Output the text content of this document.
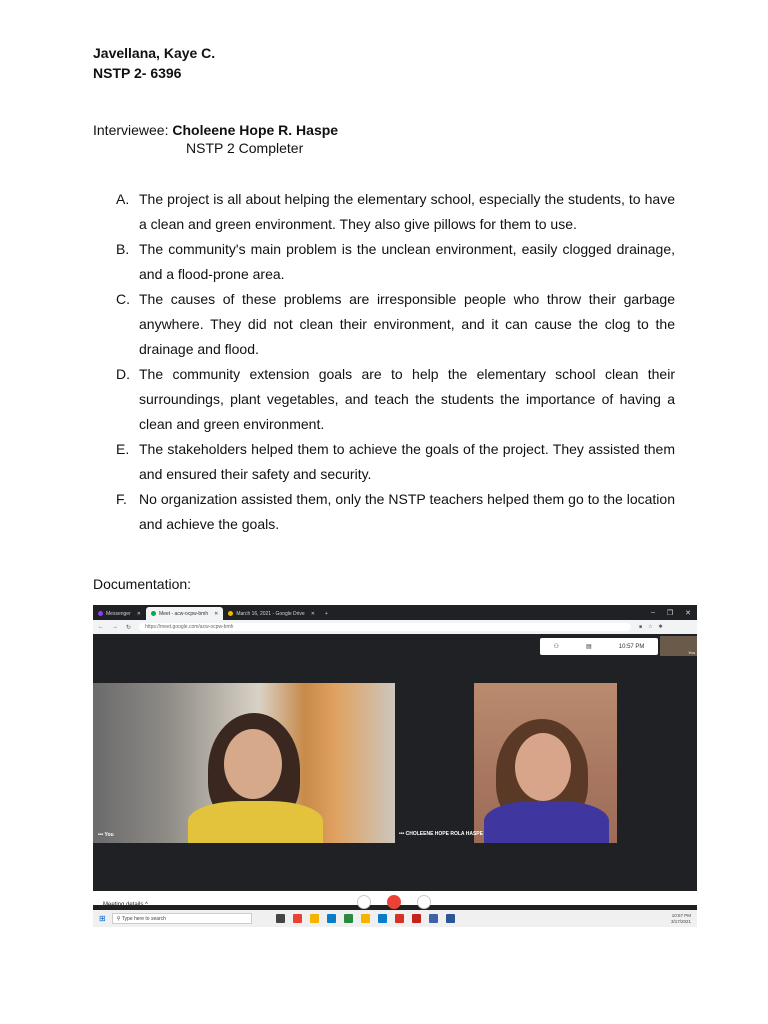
Javellana, Kaye C.
NSTP 2- 6396
Interviewee: Choleene Hope R. Haspe
NSTP 2 Completer
A. The project is all about helping the elementary school, especially the students, to have a clean and green environment. They also give pillows for them to use.
B. The community's main problem is the unclean environment, easily clogged drainage, and a flood-prone area.
C. The causes of these problems are irresponsible people who throw their garbage anywhere. They did not clean their environment, and it can cause the clog to the drainage and flood.
D. The community extension goals are to help the elementary school clean their surroundings, plant vegetables, and teach the students the importance of having a clean and green environment.
E. The stakeholders helped them to achieve the goals of the project. They assisted them and ensured their safety and security.
F. No organization assisted them, only the NSTP teachers helped them go to the location and achieve the goals.
Documentation:
Messenger ✕	Meet - acw-ocpw-bmh ✕	March 16, 2021 - Google Drive ✕	+	– ❐ ✕
← → ↻	https://meet.google.com/acw-ocpw-bmh	■ ☆ ✱
⚇	▤	10:57 PM
You
••• You	••• CHOLEENE HOPE ROLA HASPE
Meeting details ^
⊞ ⚲
Type here to search
10:57 PM
3/17/2021
